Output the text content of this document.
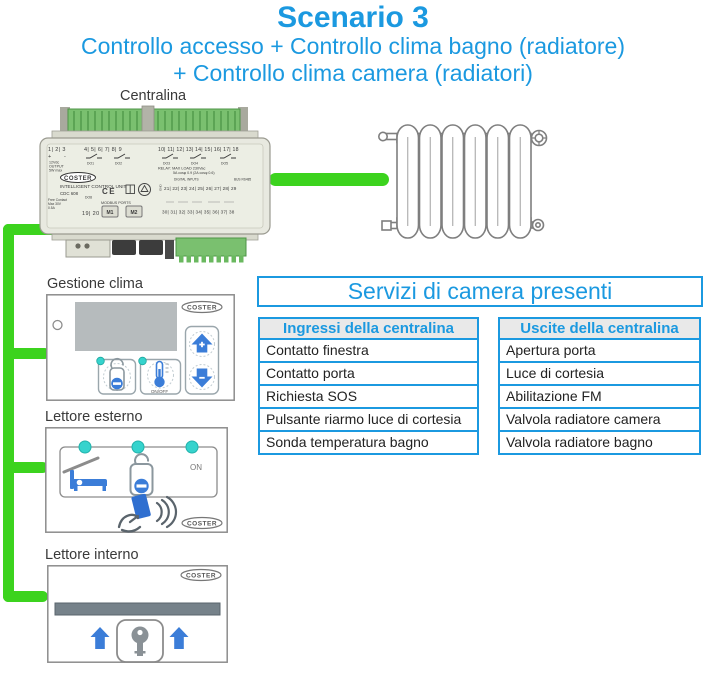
Scenario 3
Controllo accesso + Controllo clima bagno (radiatore)
+ Controllo clima camera (radiatori)
Centralina
1| 2| 3	4| 5| 6| 7| 8| 9	10| 11| 12| 13| 14| 15| 16| 17| 18
+ -
12Vdc
OUTPUT
5W max
DO1	DO2	DO3	DO4	DO5
RELAY: MAX LOAD 230Vac
5A cosφ 0.9 (2A cosφ 0.6)
COSTER
INTELLIGENT CONTROL UNIT
CDC 608
DO8
CE
Free Contact
Max 30V
0.5A
19| 20
MODBUS PORTS
M1	M2
GND
DIGITAL INPUTS	BUS RS485
21| 22| 23| 24| 25| 26| 27| 28| 29
30| 31| 32| 33| 34| 35| 36| 37| 38
Gestione clima
COSTER
ON/OFF
Lettore esterno
ON
COSTER
Lettore interno
COSTER
Servizi di camera presenti
Ingressi della centralina
Contatto finestra
Contatto porta
Richiesta SOS
Pulsante riarmo luce di cortesia
Sonda temperatura bagno
Uscite della centralina
Apertura porta
Luce di cortesia
Abilitazione FM
Valvola radiatore camera
Valvola radiatore bagno
